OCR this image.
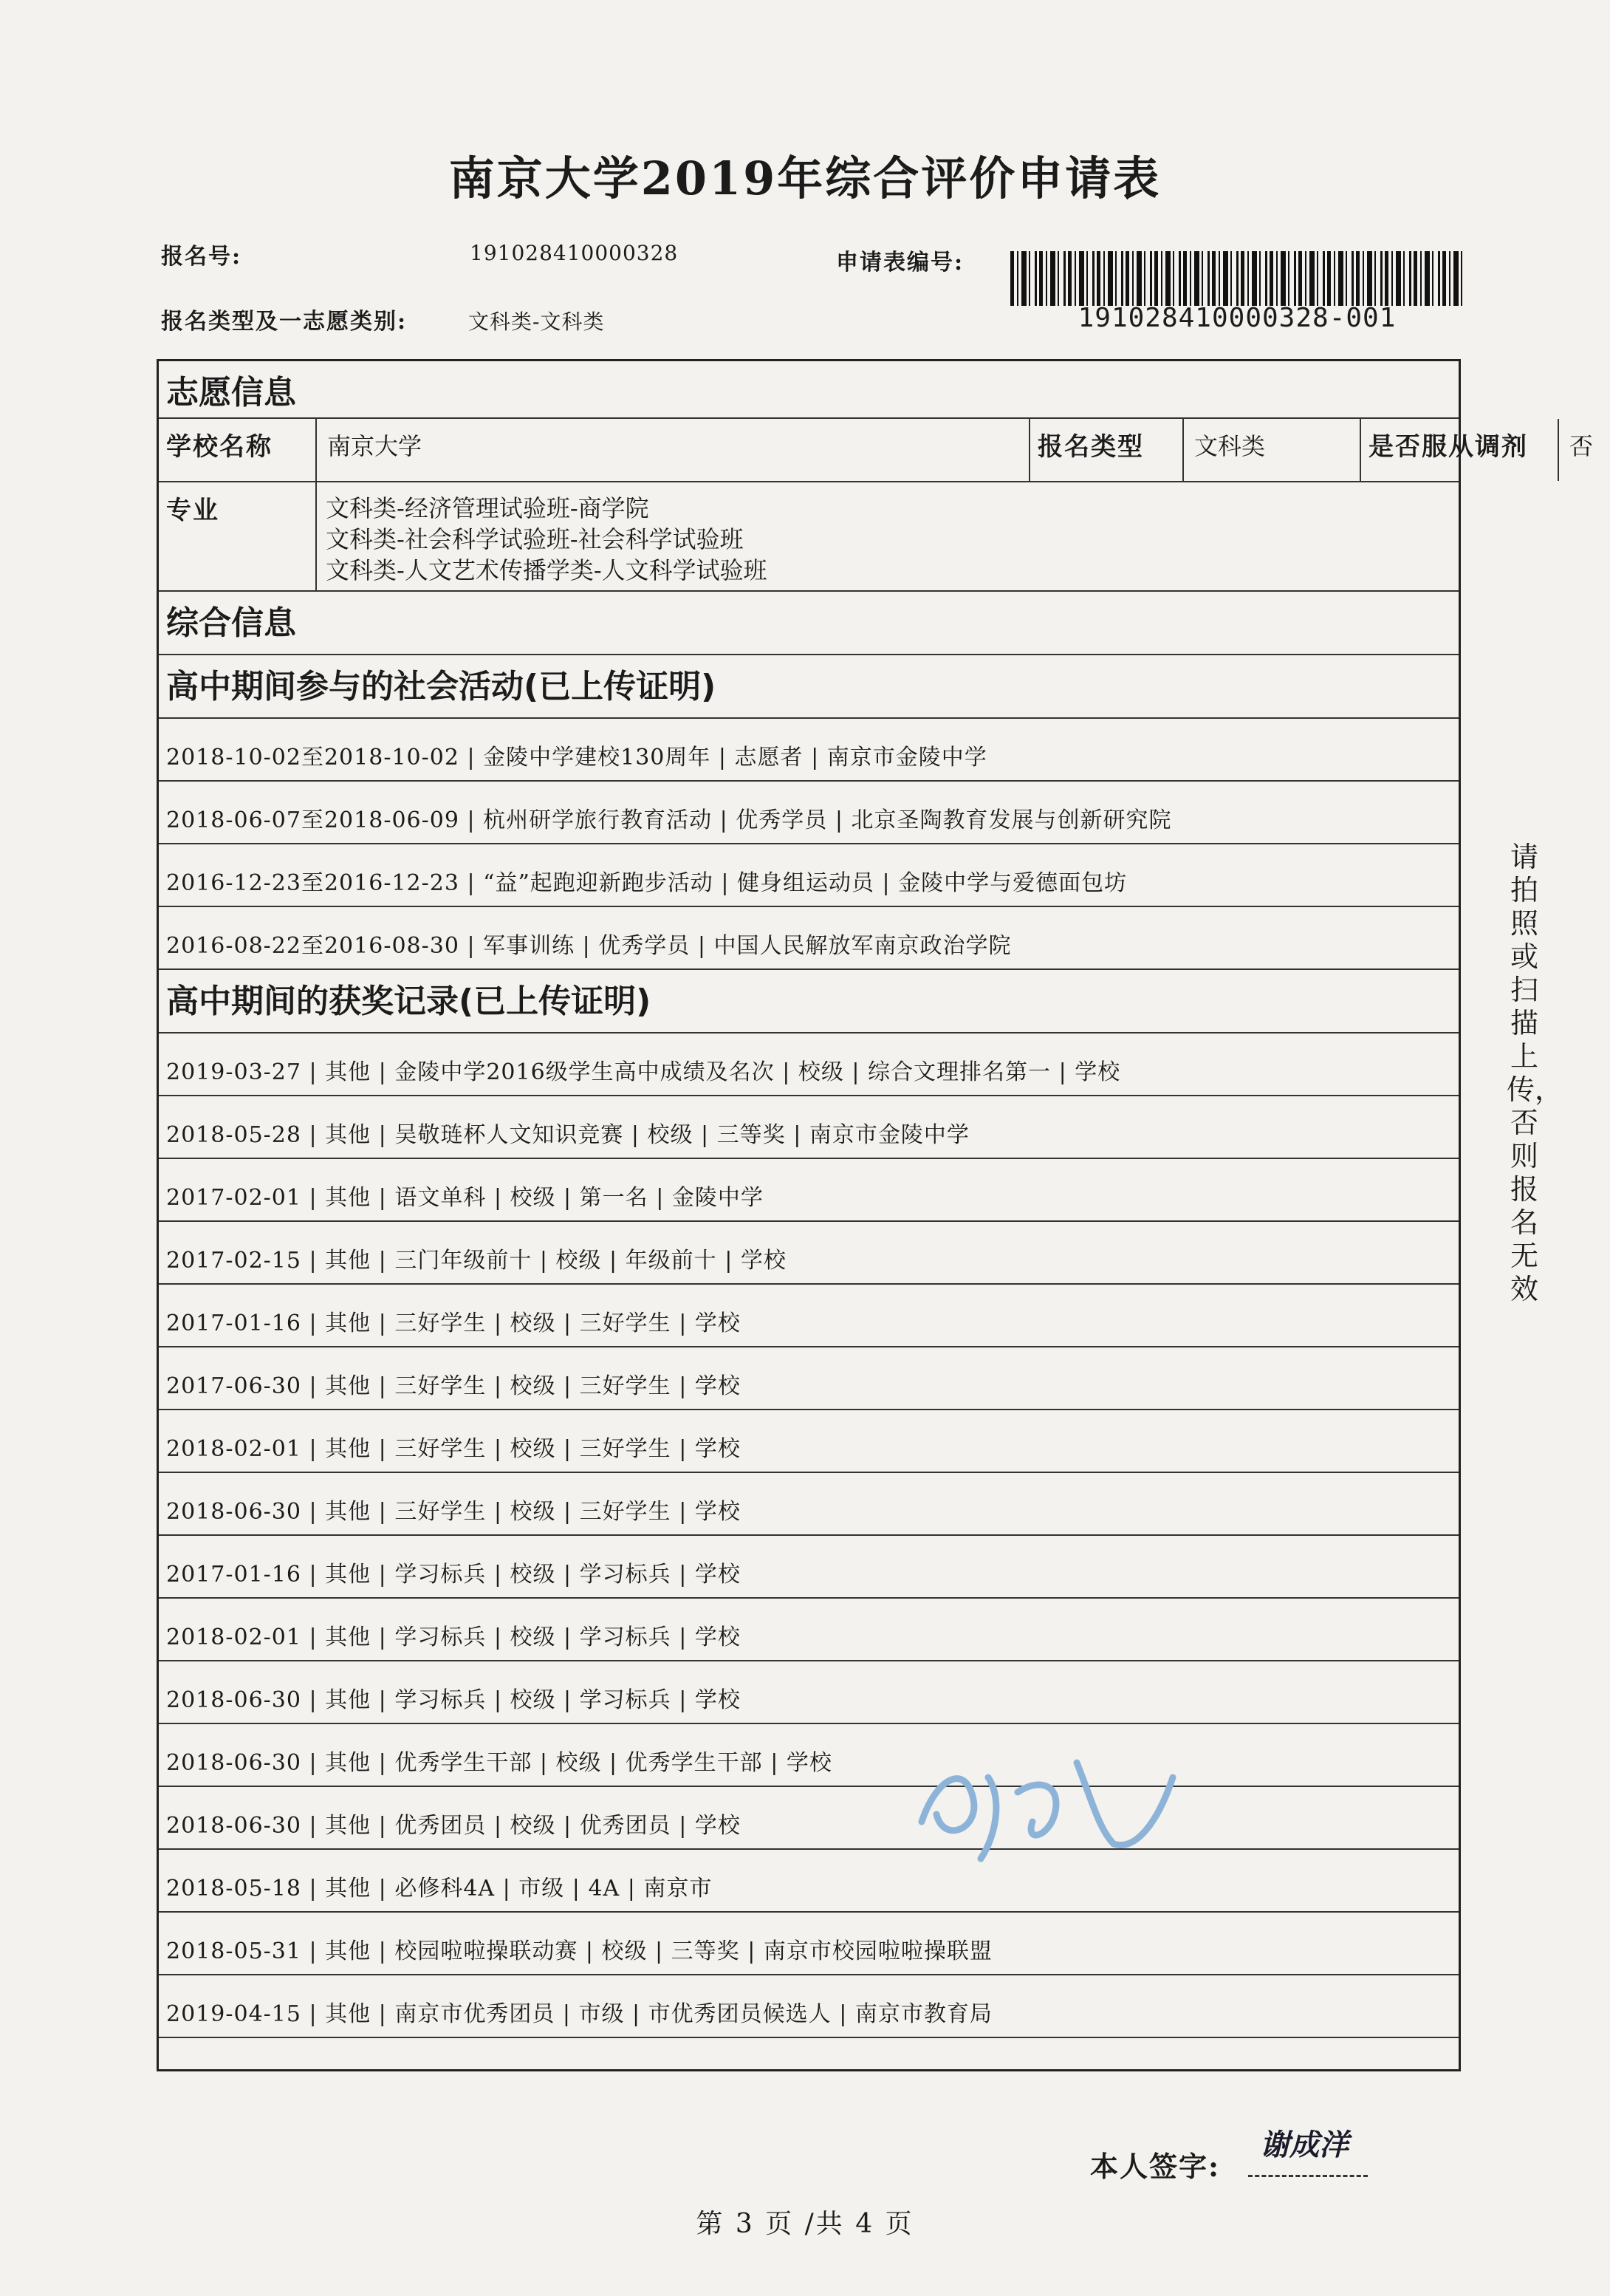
南京大学2019年综合评价申请表
报名号:	191028410000328	申请表编号:
191028410000328-001
报名类型及一志愿类别:	文科类-文科类
志愿信息
学校名称	南京大学	报名类型	文科类	是否服从调剂	否
专业	文科类-经济管理试验班-商学院
文科类-社会科学试验班-社会科学试验班
文科类-人文艺术传播学类-人文科学试验班
综合信息
高中期间参与的社会活动(已上传证明)
2018-10-02至2018-10-02 | 金陵中学建校130周年 | 志愿者 | 南京市金陵中学
2018-06-07至2018-06-09 | 杭州研学旅行教育活动 | 优秀学员 | 北京圣陶教育发展与创新研究院
2016-12-23至2016-12-23 | “益”起跑迎新跑步活动 | 健身组运动员 | 金陵中学与爱德面包坊
2016-08-22至2016-08-30 | 军事训练 | 优秀学员 | 中国人民解放军南京政治学院
高中期间的获奖记录(已上传证明)
2019-03-27 | 其他 | 金陵中学2016级学生高中成绩及名次 | 校级 | 综合文理排名第一 | 学校
2018-05-28 | 其他 | 吴敬琏杯人文知识竞赛 | 校级 | 三等奖 | 南京市金陵中学
2017-02-01 | 其他 | 语文单科 | 校级 | 第一名 | 金陵中学
2017-02-15 | 其他 | 三门年级前十 | 校级 | 年级前十 | 学校
2017-01-16 | 其他 | 三好学生 | 校级 | 三好学生 | 学校
2017-06-30 | 其他 | 三好学生 | 校级 | 三好学生 | 学校
2018-02-01 | 其他 | 三好学生 | 校级 | 三好学生 | 学校
2018-06-30 | 其他 | 三好学生 | 校级 | 三好学生 | 学校
2017-01-16 | 其他 | 学习标兵 | 校级 | 学习标兵 | 学校
2018-02-01 | 其他 | 学习标兵 | 校级 | 学习标兵 | 学校
2018-06-30 | 其他 | 学习标兵 | 校级 | 学习标兵 | 学校
2018-06-30 | 其他 | 优秀学生干部 | 校级 | 优秀学生干部 | 学校
2018-06-30 | 其他 | 优秀团员 | 校级 | 优秀团员 | 学校
2018-05-18 | 其他 | 必修科4A | 市级 | 4A | 南京市
2018-05-31 | 其他 | 校园啦啦操联动赛 | 校级 | 三等奖 | 南京市校园啦啦操联盟
2019-04-15 | 其他 | 南京市优秀团员 | 市级 | 市优秀团员候选人 | 南京市教育局
请拍照或扫描上传，否则报名无效
本人签字:
谢成洋
第 3 页 /共 4 页
